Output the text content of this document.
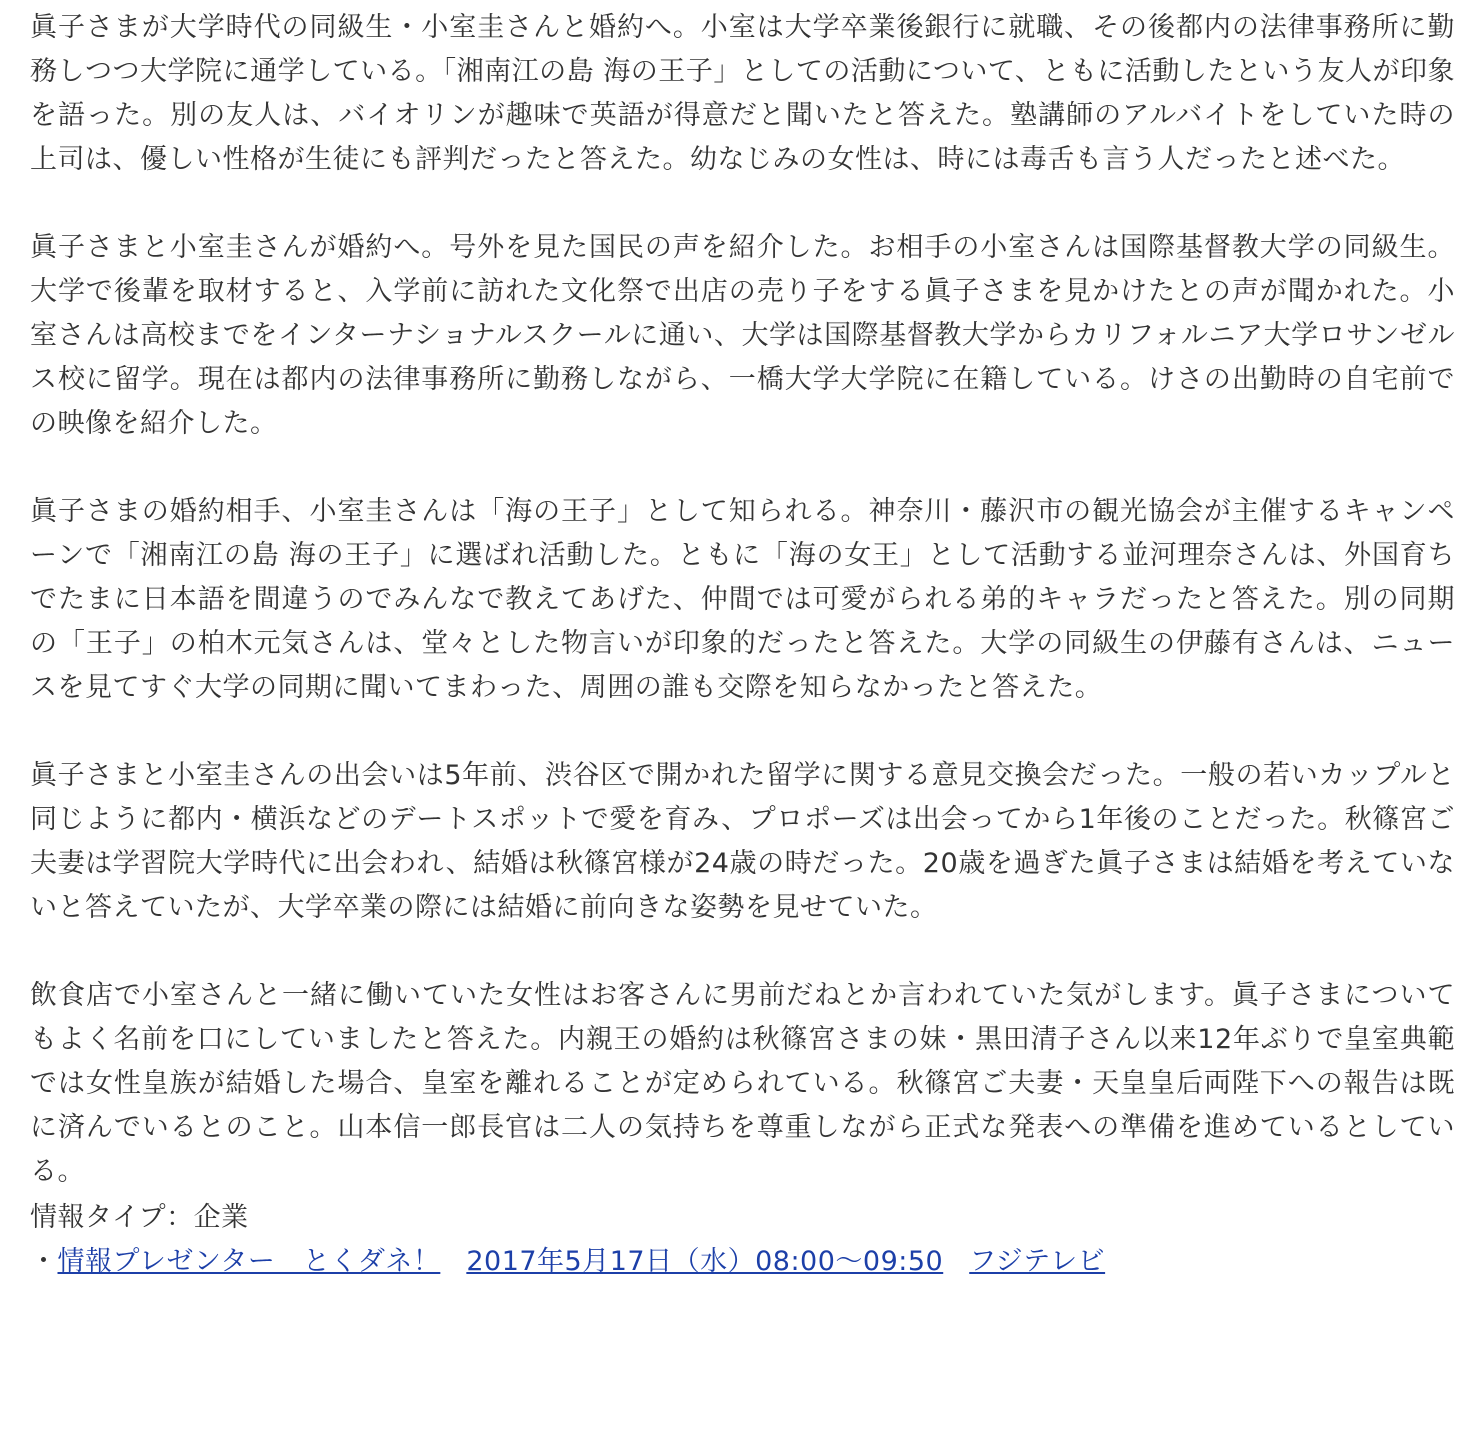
眞子さまが大学時代の同級生・小室圭さんと婚約へ。小室は大学卒業後銀行に就職、その後都内の法律事務所に勤務しつつ大学院に通学している。「湘南江の島 海の王子」としての活動について、ともに活動したという友人が印象を語った。別の友人は、バイオリンが趣味で英語が得意だと聞いたと答えた。塾講師のアルバイトをしていた時の上司は、優しい性格が生徒にも評判だったと答えた。幼なじみの女性は、時には毒舌も言う人だったと述べた。

眞子さまと小室圭さんが婚約へ。号外を見た国民の声を紹介した。お相手の小室さんは国際基督教大学の同級生。大学で後輩を取材すると、入学前に訪れた文化祭で出店の売り子をする眞子さまを見かけたとの声が聞かれた。小室さんは高校までをインターナショナルスクールに通い、大学は国際基督教大学からカリフォルニア大学ロサンゼルス校に留学。現在は都内の法律事務所に勤務しながら、一橋大学大学院に在籍している。けさの出勤時の自宅前での映像を紹介した。

眞子さまの婚約相手、小室圭さんは「海の王子」として知られる。神奈川・藤沢市の観光協会が主催するキャンペーンで「湘南江の島 海の王子」に選ばれ活動した。ともに「海の女王」として活動する並河理奈さんは、外国育ちでたまに日本語を間違うのでみんなで教えてあげた、仲間では可愛がられる弟的キャラだったと答えた。別の同期の「王子」の柏木元気さんは、堂々とした物言いが印象的だったと答えた。大学の同級生の伊藤有さんは、ニュースを見てすぐ大学の同期に聞いてまわった、周囲の誰も交際を知らなかったと答えた。

眞子さまと小室圭さんの出会いは5年前、渋谷区で開かれた留学に関する意見交換会だった。一般の若いカップルと同じように都内・横浜などのデートスポットで愛を育み、プロポーズは出会ってから1年後のことだった。秋篠宮ご夫妻は学習院大学時代に出会われ、結婚は秋篠宮様が24歳の時だった。20歳を過ぎた眞子さまは結婚を考えていないと答えていたが、大学卒業の際には結婚に前向きな姿勢を見せていた。

飲食店で小室さんと一緒に働いていた女性はお客さんに男前だねとか言われていた気がします。眞子さまについてもよく名前を口にしていましたと答えた。内親王の婚約は秋篠宮さまの妹・黒田清子さん以来12年ぶりで皇室典範では女性皇族が結婚した場合、皇室を離れることが定められている。秋篠宮ご夫妻・天皇皇后両陛下への報告は既に済んでいるとのこと。山本信一郎長官は二人の気持ちを尊重しながら正式な発表への準備を進めているとしている。

情報タイプ：企業
・情報プレゼンター　とくダネ！ 2017年5月17日（水）08:00～09:50 フジテレビ
